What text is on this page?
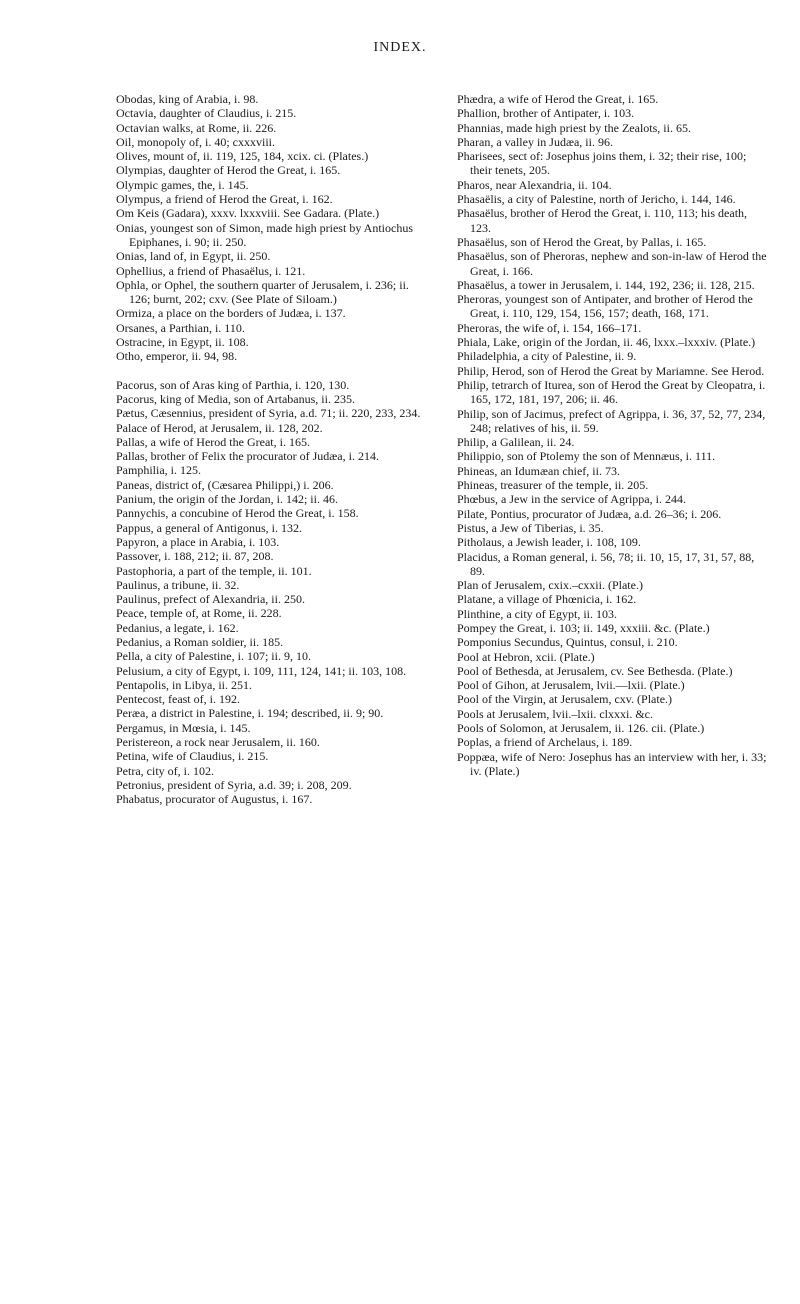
INDEX.

Obodas, king of Arabia, i. 98.

Octavia, daughter of Claudius, i. 215.

Octavian walks, at Rome, ii. 226.

Oil, monopoly of, i. 40; cxxxviii.

Olives, mount of, ii. 119, 125, 184, xcix. ci. (Plates.)

Olympias, daughter of Herod the Great, i. 165.

Olympic games, the, i. 145.

Olympus, a friend of Herod the Great, i. 162.

Om Keis (Gadara), xxxv. lxxxviii. See Gadara. (Plate.)

Onias, youngest son of Simon, made high priest by Antiochus Epiphanes, i. 90; ii. 250.

Onias, land of, in Egypt, ii. 250.

Ophellius, a friend of Phasaëlus, i. 121.

Ophla, or Ophel, the southern quarter of Jerusalem, i. 236; ii. 126; burnt, 202; cxv. (See Plate of Siloam.)

Ormiza, a place on the borders of Judæa, i. 137.

Orsanes, a Parthian, i. 110.

Ostracine, in Egypt, ii. 108.

Otho, emperor, ii. 94, 98.

Pacorus, son of Aras king of Parthia, i. 120, 130.

Pacorus, king of Media, son of Artabanus, ii. 235.

Pætus, Cæsennius, president of Syria, a.d. 71; ii. 220, 233, 234.

Palace of Herod, at Jerusalem, ii. 128, 202.

Pallas, a wife of Herod the Great, i. 165.

Pallas, brother of Felix the procurator of Judæa, i. 214.

Pamphilia, i. 125.

Paneas, district of, (Cæsarea Philippi,) i. 206.

Panium, the origin of the Jordan, i. 142; ii. 46.

Pannychis, a concubine of Herod the Great, i. 158.

Pappus, a general of Antigonus, i. 132.

Papyron, a place in Arabia, i. 103.

Passover, i. 188, 212; ii. 87, 208.

Pastophoria, a part of the temple, ii. 101.

Paulinus, a tribune, ii. 32.

Paulinus, prefect of Alexandria, ii. 250.

Peace, temple of, at Rome, ii. 228.

Pedanius, a legate, i. 162.

Pedanius, a Roman soldier, ii. 185.

Pella, a city of Palestine, i. 107; ii. 9, 10.

Pelusium, a city of Egypt, i. 109, 111, 124, 141; ii. 103, 108.

Pentapolis, in Libya, ii. 251.

Pentecost, feast of, i. 192.

Peræa, a district in Palestine, i. 194; described, ii. 9; 90.

Pergamus, in Mœsia, i. 145.

Peristereon, a rock near Jerusalem, ii. 160.

Petina, wife of Claudius, i. 215.

Petra, city of, i. 102.

Petronius, president of Syria, a.d. 39; i. 208, 209.

Phabatus, procurator of Augustus, i. 167.

Phædra, a wife of Herod the Great, i. 165.

Phallion, brother of Antipater, i. 103.

Phannias, made high priest by the Zealots, ii. 65.

Pharan, a valley in Judæa, ii. 96.

Pharisees, sect of: Josephus joins them, i. 32; their rise, 100; their tenets, 205.

Pharos, near Alexandria, ii. 104.

Phasaëlis, a city of Palestine, north of Jericho, i. 144, 146.

Phasaëlus, brother of Herod the Great, i. 110, 113; his death, 123.

Phasaëlus, son of Herod the Great, by Pallas, i. 165.

Phasaëlus, son of Pheroras, nephew and son-in-law of Herod the Great, i. 166.

Phasaëlus, a tower in Jerusalem, i. 144, 192, 236; ii. 128, 215.

Pheroras, youngest son of Antipater, and brother of Herod the Great, i. 110, 129, 154, 156, 157; death, 168, 171.

Pheroras, the wife of, i. 154, 166–171.

Phiala, Lake, origin of the Jordan, ii. 46, lxxx.–lxxxiv. (Plate.)

Philadelphia, a city of Palestine, ii. 9.

Philip, Herod, son of Herod the Great by Mariamne. See Herod.

Philip, tetrarch of Iturea, son of Herod the Great by Cleopatra, i. 165, 172, 181, 197, 206; ii. 46.

Philip, son of Jacimus, prefect of Agrippa, i. 36, 37, 52, 77, 234, 248; relatives of his, ii. 59.

Philip, a Galilean, ii. 24.

Philippio, son of Ptolemy the son of Mennæus, i. 111.

Phineas, an Idumæan chief, ii. 73.

Phineas, treasurer of the temple, ii. 205.

Phœbus, a Jew in the service of Agrippa, i. 244.

Pilate, Pontius, procurator of Judæa, a.d. 26–36; i. 206.

Pistus, a Jew of Tiberias, i. 35.

Pitholaus, a Jewish leader, i. 108, 109.

Placidus, a Roman general, i. 56, 78; ii. 10, 15, 17, 31, 57, 88, 89.

Plan of Jerusalem, cxix.–cxxii. (Plate.)

Platane, a village of Phœnicia, i. 162.

Plinthine, a city of Egypt, ii. 103.

Pompey the Great, i. 103; ii. 149, xxxiii. &c. (Plate.)

Pomponius Secundus, Quintus, consul, i. 210.

Pool at Hebron, xcii. (Plate.)

Pool of Bethesda, at Jerusalem, cv. See Bethesda. (Plate.)

Pool of Gihon, at Jerusalem, lvii.—lxii. (Plate.)

Pool of the Virgin, at Jerusalem, cxv. (Plate.)

Pools at Jerusalem, lvii.–lxii. clxxxi. &c.

Pools of Solomon, at Jerusalem, ii. 126. cii. (Plate.)

Poplas, a friend of Archelaus, i. 189.

Poppæa, wife of Nero: Josephus has an interview with her, i. 33; iv. (Plate.)
